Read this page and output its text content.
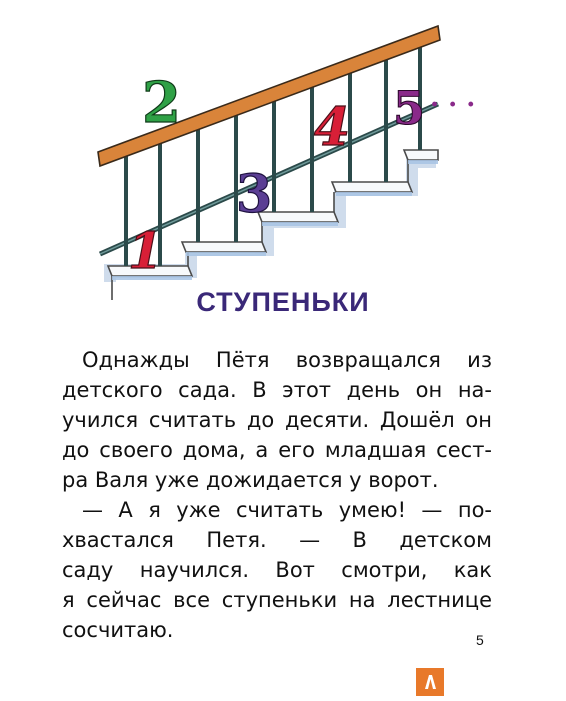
1
2
3
4 5 . . .
СТУПЕНЬКИ
Однажды Пётя возвращался из
детского сада. В этот день он на-
учился считать до десяти. Дошёл он
до своего дома, а его младшая сест-
ра Валя уже дожидается у ворот.
— А я уже считать умею! — по-
хвастался Петя. — В детском
саду научился. Вот смотри, как
я сейчас все ступеньки на лестнице
сосчитаю.	5
